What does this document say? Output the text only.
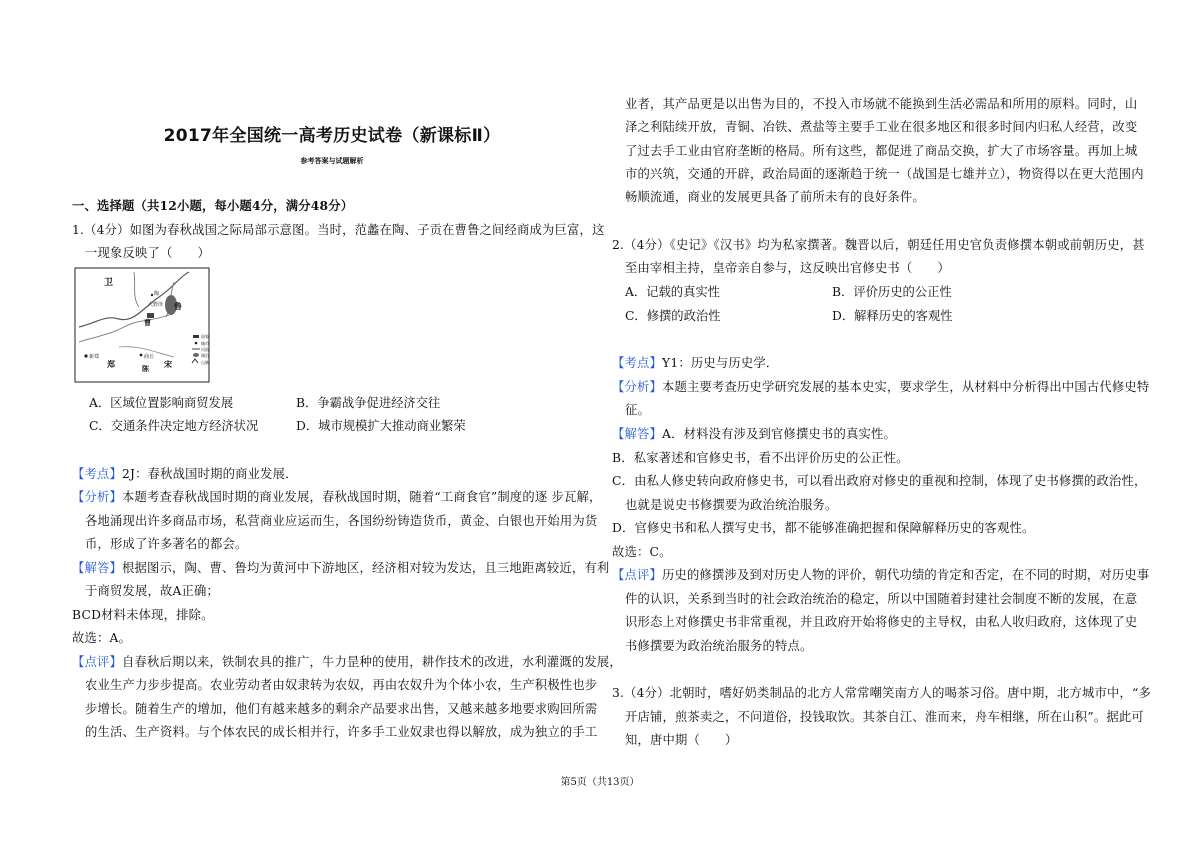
2017年全国统一高考历史试卷（新课标Ⅱ）
参考答案与试题解析
一、选择题（共12小题，每小题4分，满分48分）
1.（4分）如图为春秋战国之际局部示意图。当时，范蠡在陶、子贡在曹鲁之间经商成为巨富，这
一现象反映了（　　）
卫
大野泽
陶
曹
鲁
郑
新郑	商丘
陈 宋
国家
城市
河流
湖泊
山脉
A．区域位置影响商贸发展	B．争霸战争促进经济交往
C．交通条件决定地方经济状况	D．城市规模扩大推动商业繁荣
【考点】2J：春秋战国时期的商业发展．
【分析】本题考查春秋战国时期的商业发展，春秋战国时期，随着“工商食官”制度的逐 步瓦解，
各地涌现出许多商品市场，私营商业应运而生，各国纷纷铸造货币，黄金、白银也开始用为货
币，形成了许多著名的都会。
【解答】根据图示，陶、曹、鲁均为黄河中下游地区，经济相对较为发达，且三地距离较近，有利
于商贸发展，故A正确；
BCD材料未体现，排除。
故选：A。
【点评】自春秋后期以来，铁制农具的推广，牛力昰种的使用，耕作技术的改进，水利灌溉的发展，
农业生产力步步提高。农业劳动者由奴隶转为农奴，再由农奴升为个体小农，生产积极性也步
步增长。随着生产的增加，他们有越来越多的剩余产品要求出售，又越来越多地要求购回所需
的生活、生产资料。与个体农民的成长相并行，许多手工业奴隶也得以解放，成为独立的手工
业者，其产品更是以出售为目的，不投入市场就不能换到生活必需品和所用的原料。同时，山
泽之利陆续开放，青铜、冶铁、煮盐等主要手工业在很多地区和很多时间内归私人经营，改变
了过去手工业由官府垄断的格局。所有这些，都促进了商品交换，扩大了市场容量。再加上城
市的兴筑，交通的开辟，政治局面的逐渐趋于统一（战国是七雄并立），物资得以在更大范围内
畅顺流通，商业的发展更具备了前所未有的良好条件。
2.（4分）《史记》《汉书》均为私家撰著。魏晋以后，朝廷任用史官负责修撰本朝或前朝历史，甚
至由宰相主持，皇帝亲自参与，这反映出官修史书（　　）
A．记载的真实性	B．评价历史的公正性
C．修撰的政治性	D．解释历史的客观性
【考点】Y1：历史与历史学．
【分析】本题主要考查历史学研究发展的基本史实，要求学生，从材料中分析得出中国古代修史特
征。
【解答】A．材料没有涉及到官修撰史书的真实性。
B．私家著述和官修史书，看不出评价历史的公正性。
C．由私人修史转向政府修史书，可以看出政府对修史的重视和控制，体现了史书修撰的政治性，
也就是说史书修撰要为政治统治服务。
D．官修史书和私人撰写史书，都不能够准确把握和保障解释历史的客观性。
故选：C。
【点评】历史的修撰涉及到对历史人物的评价，朝代功绩的肯定和否定，在不同的时期，对历史事
件的认识，关系到当时的社会政治统治的稳定，所以中国随着封建社会制度不断的发展，在意
识形态上对修撰史书非常重视，并且政府开始将修史的主导权，由私人收归政府，这体现了史
书修撰要为政治统治服务的特点。
3.（4分）北朝时，嗜好奶类制品的北方人常常嘲笑南方人的喝茶习俗。唐中期，北方城市中，“多
开店铺，煎茶卖之，不问道俗，投钱取饮。其茶自江、淮而来，舟车相继，所在山积”。据此可
知，唐中期（　　）
第5页（共13页）
